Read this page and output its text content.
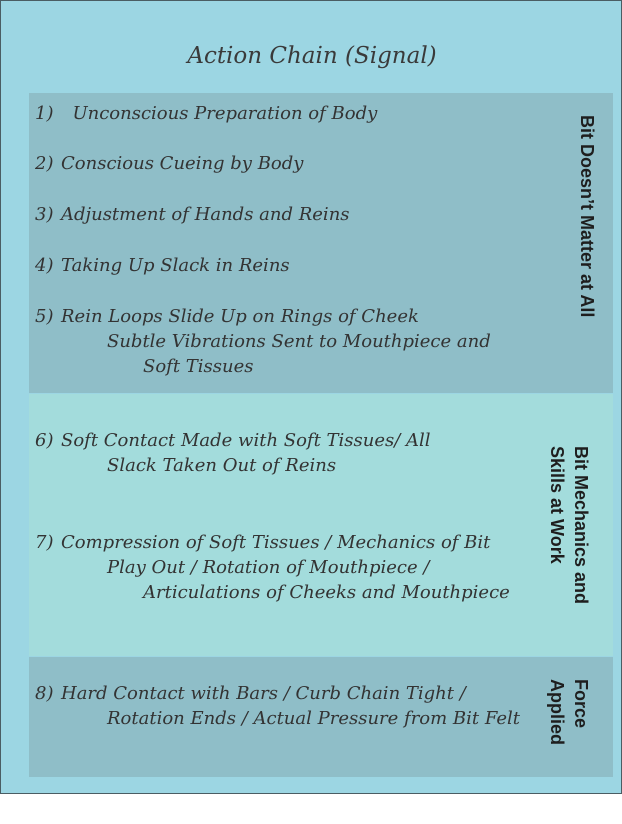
Action Chain (Signal)
1)  Unconscious Preparation of Body
2) Conscious Cueing by Body
3) Adjustment of Hands and Reins
4) Taking Up Slack in Reins
5) Rein Loops Slide Up on Rings of Cheek
Subtle Vibrations Sent to Mouthpiece and
Soft Tissues
Bit Doesn’t Matter at All
6) Soft Contact Made with Soft Tissues/ All
Slack Taken Out of Reins
7) Compression of Soft Tissues / Mechanics of Bit
Play Out / Rotation of Mouthpiece /
Articulations of Cheeks and Mouthpiece	Bit Mechanics and
Skills at Work
8) Hard Contact with Bars / Curb Chain Tight /
Rotation Ends / Actual Pressure from Bit Felt	Force
Applied
